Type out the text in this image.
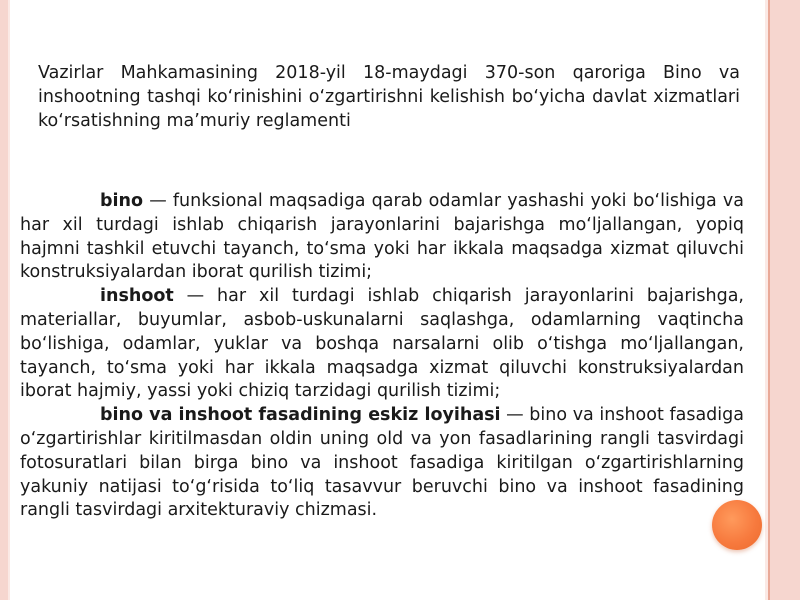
Vazirlar Mahkamasining 2018-yil 18-maydagi 370-son qaroriga Bino va inshootning tashqi ko‘rinishini o‘zgartirishni kelishish bo‘yicha davlat xizmatlari ko‘rsatishning ma’muriy reglamenti

bino — funksional maqsadiga qarab odamlar yashashi yoki bo‘lishiga va har xil turdagi ishlab chiqarish jarayonlarini bajarishga mo‘ljallangan, yopiq hajmni tashkil etuvchi tayanch, to‘sma yoki har ikkala maqsadga xizmat qiluvchi konstruksiyalardan iborat qurilish tizimi;

inshoot — har xil turdagi ishlab chiqarish jarayonlarini bajarishga, materiallar, buyumlar, asbob-uskunalarni saqlashga, odamlarning vaqtincha bo‘lishiga, odamlar, yuklar va boshqa narsalarni olib o‘tishga mo‘ljallangan, tayanch, to‘sma yoki har ikkala maqsadga xizmat qiluvchi konstruksiyalardan iborat hajmiy, yassi yoki chiziq tarzidagi qurilish tizimi;

bino va inshoot fasadining eskiz loyihasi — bino va inshoot fasadiga o‘zgartirishlar kiritilmasdan oldin uning old va yon fasadlarining rangli tasvirdagi fotosuratlari bilan birga bino va inshoot fasadiga kiritilgan o‘zgartirishlarning yakuniy natijasi to‘g‘risida to‘liq tasavvur beruvchi bino va inshoot fasadining rangli tasvirdagi arxitekturaviy chizmasi.
